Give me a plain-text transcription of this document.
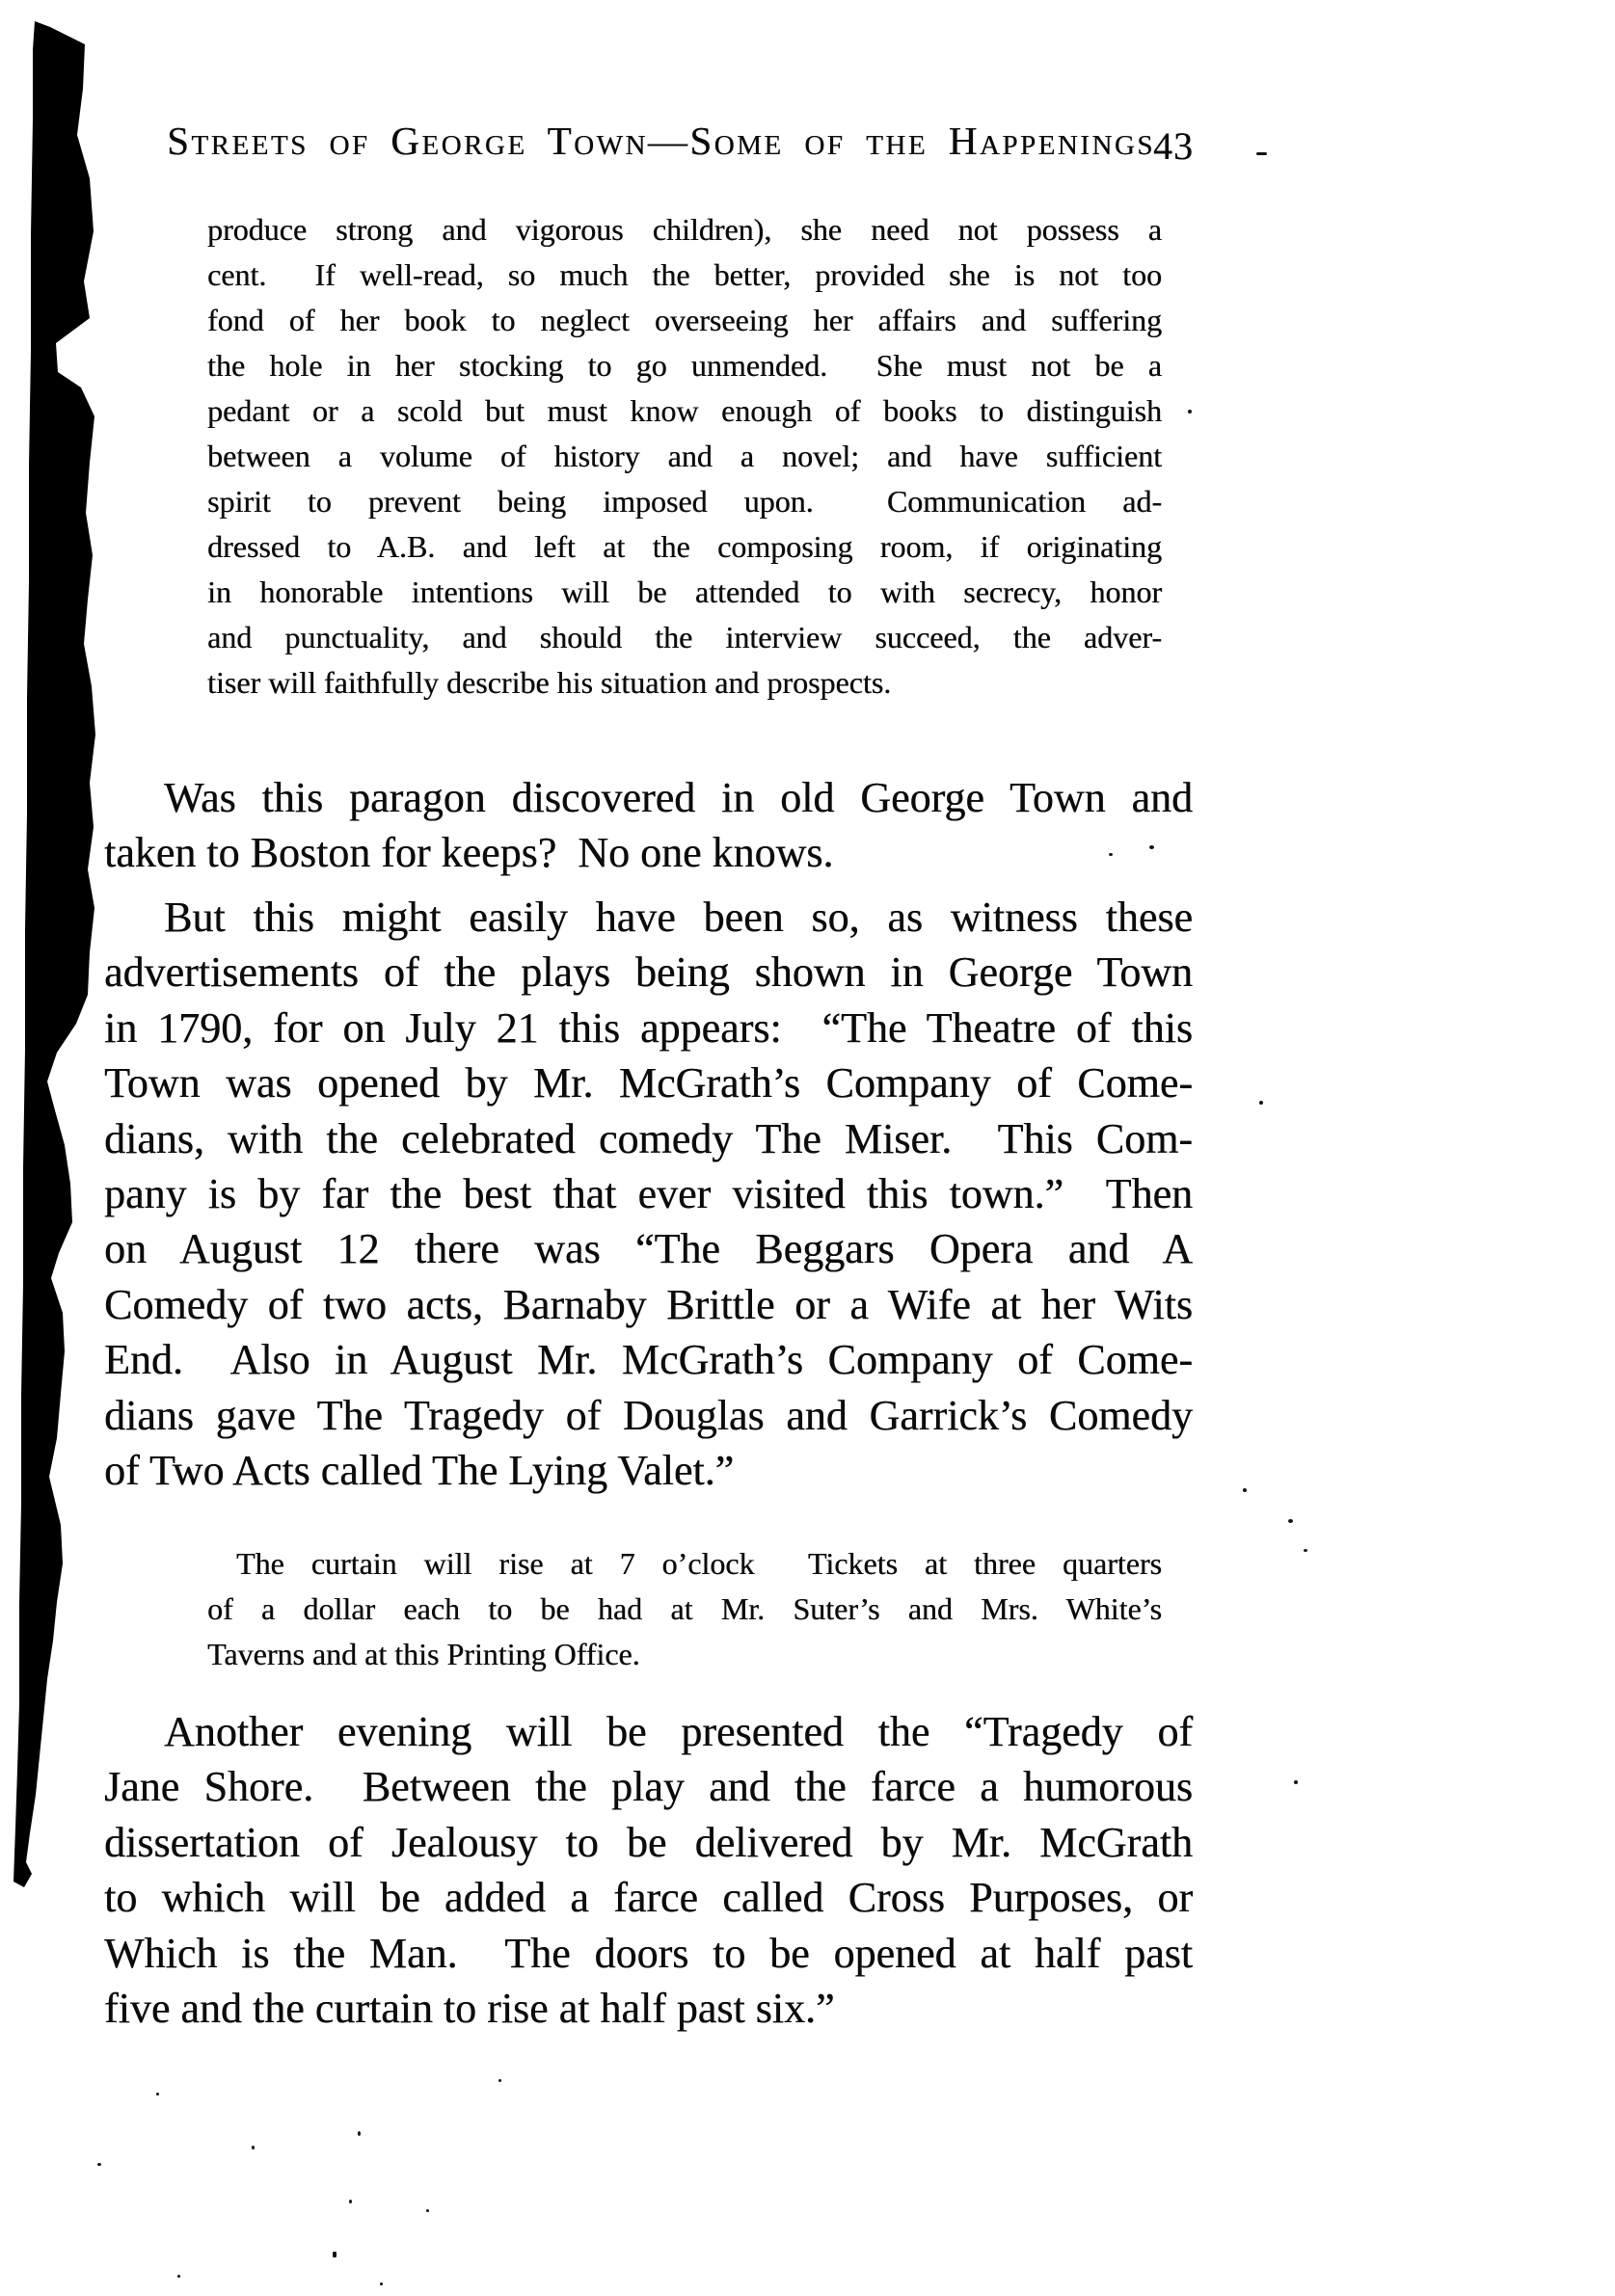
Streets of George Town—Some of the Happenings
43
produce strong and vigorous children), she need not possess a
cent.  If well-read, so much the better, provided she is not too
fond of her book to neglect overseeing her affairs and suffering
the hole in her stocking to go unmended.  She must not be a
pedant or a scold but must know enough of books to distinguish
between a volume of history and a novel; and have sufficient
spirit to prevent being imposed upon.  Communication ad-
dressed to A.B. and left at the composing room, if originating
in honorable intentions will be attended to with secrecy, honor
and punctuality, and should the interview succeed, the adver-
tiser will faithfully describe his situation and prospects.
Was this paragon discovered in old George Town and
taken to Boston for keeps?  No one knows.
But this might easily have been so, as witness these
advertisements of the plays being shown in George Town
in 1790, for on July 21 this appears:  “The Theatre of this
Town was opened by Mr. McGrath’s Company of Come-
dians, with the celebrated comedy The Miser.  This Com-
pany is by far the best that ever visited this town.”  Then
on August 12 there was “The Beggars Opera and A
Comedy of two acts, Barnaby Brittle or a Wife at her Wits
End.  Also in August Mr. McGrath’s Company of Come-
dians gave The Tragedy of Douglas and Garrick’s Comedy
of Two Acts called The Lying Valet.”
The curtain will rise at 7 o’clock  Tickets at three quarters
of a dollar each to be had at Mr. Suter’s and Mrs. White’s
Taverns and at this Printing Office.
Another evening will be presented the “Tragedy of
Jane Shore.  Between the play and the farce a humorous
dissertation of Jealousy to be delivered by Mr. McGrath
to which will be added a farce called Cross Purposes, or
Which is the Man.  The doors to be opened at half past
five and the curtain to rise at half past six.”
